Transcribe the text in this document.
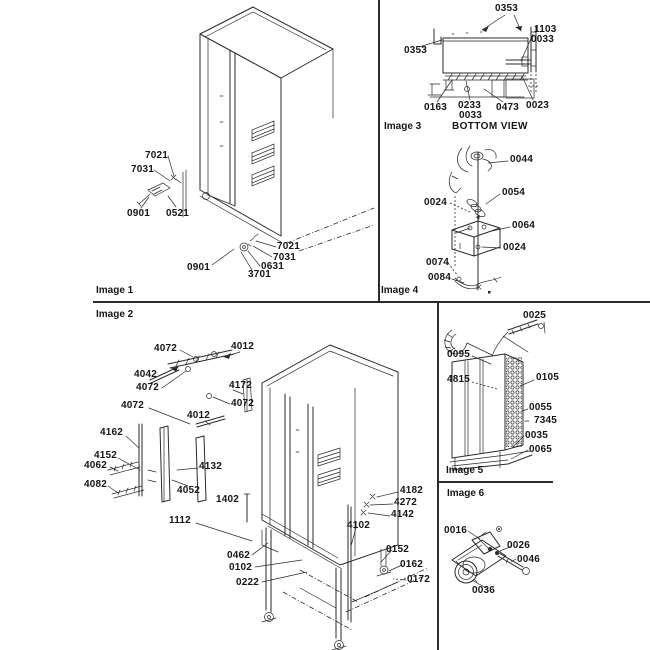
Image 1
Image 2
Image 3	BOTTOM VIEW
Image 4
Image 5
Image 6
7021
7031
0901 0521
7021
7031
0631
3701
0901
4072	4012
4042
4072	4172
4072
4072
4012
4162
4152
4062	4132
4082
4052
1402
1112
0462
0102
0222
4182
4272
4142
4102
0152
0162
0172
0353
0353
1103
0033
0163 0233
0033
0473 0023
0044
0024
0054
0064
0024
0074
0084
0025
0095
4815	0105
0055
7345
0035
0065
0016
0026
0046
0036
